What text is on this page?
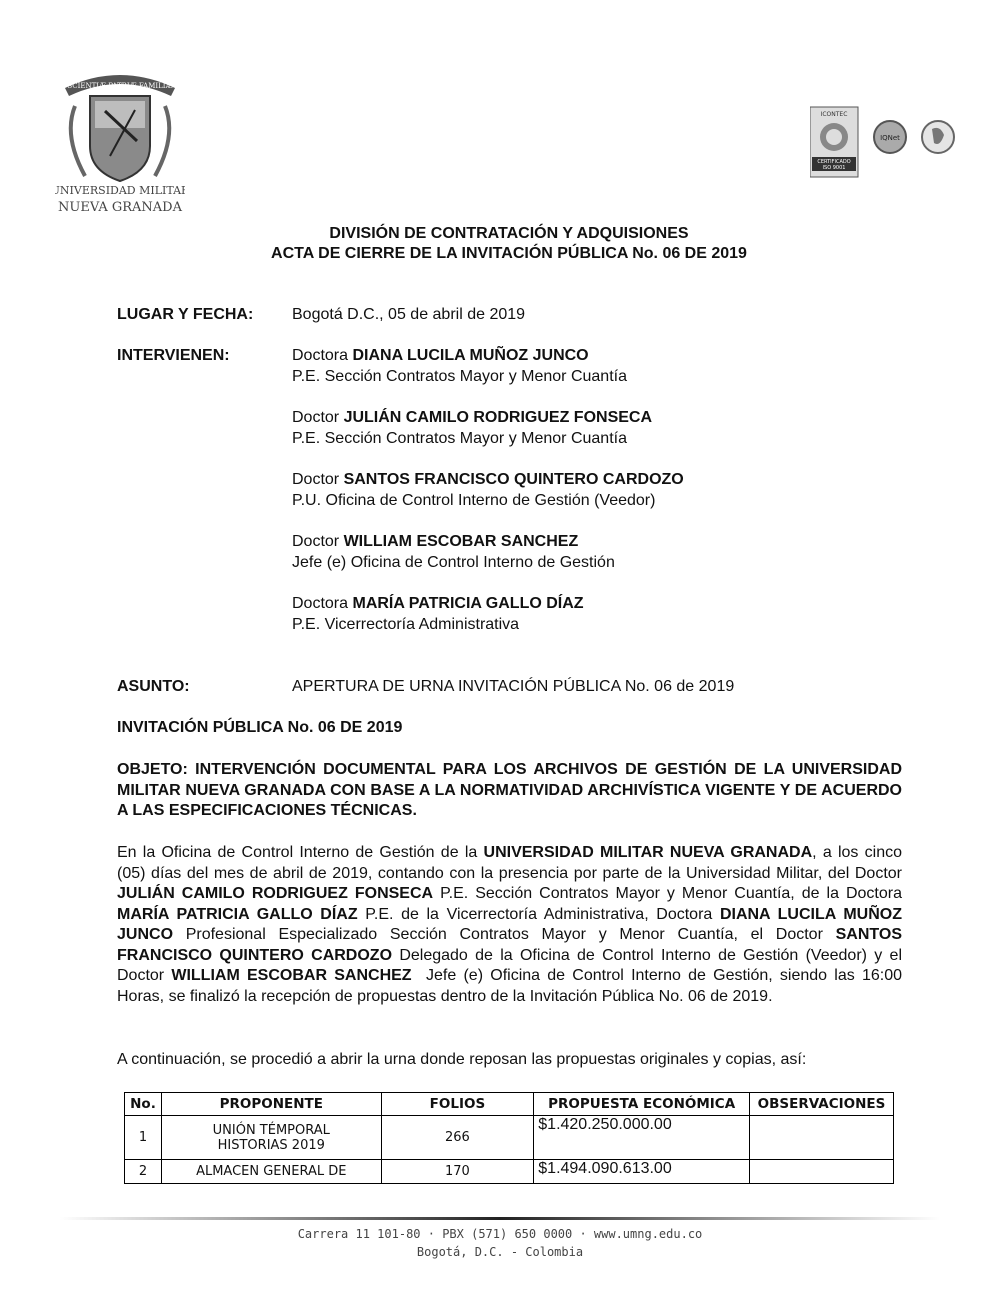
SCIENTIÆ PATRIÆ FAMILIÆ
UNIVERSIDAD MILITAR
NUEVA GRANADA
ICONTEC
CERTIFICADO
ISO 9001
IQNet
DIVISIÓN DE CONTRATACIÓN Y ADQUISIONES
ACTA DE CIERRE DE LA INVITACIÓN PÚBLICA No. 06 DE 2019
LUGAR Y FECHA: Bogotá D.C., 05 de abril de 2019
INTERVIENEN:	Doctora DIANA LUCILA MUÑOZ JUNCO
P.E. Sección Contratos Mayor y Menor Cuantía
Doctor JULIÁN CAMILO RODRIGUEZ FONSECA
P.E. Sección Contratos Mayor y Menor Cuantía
Doctor SANTOS FRANCISCO QUINTERO CARDOZO
P.U. Oficina de Control Interno de Gestión (Veedor)
Doctor WILLIAM ESCOBAR SANCHEZ
Jefe (e) Oficina de Control Interno de Gestión
Doctora MARÍA PATRICIA GALLO DÍAZ
P.E. Vicerrectoría Administrativa
ASUNTO:	APERTURA DE URNA INVITACIÓN PÚBLICA No. 06 de 2019
INVITACIÓN PÚBLICA No. 06 DE 2019
OBJETO: INTERVENCIÓN DOCUMENTAL PARA LOS ARCHIVOS DE GESTIÓN DE LA UNIVERSIDAD MILITAR NUEVA GRANADA CON BASE A LA NORMATIVIDAD ARCHIVÍSTICA VIGENTE Y DE ACUERDO A LAS ESPECIFICACIONES TÉCNICAS.
En la Oficina de Control Interno de Gestión de la UNIVERSIDAD MILITAR NUEVA GRANADA, a los cinco (05) días del mes de abril de 2019, contando con la presencia por parte de la Universidad Militar, del Doctor JULIÁN CAMILO RODRIGUEZ FONSECA P.E. Sección Contratos Mayor y Menor Cuantía, de la Doctora MARÍA PATRICIA GALLO DÍAZ P.E. de la Vicerrectoría Administrativa, Doctora DIANA LUCILA MUÑOZ JUNCO Profesional Especializado Sección Contratos Mayor y Menor Cuantía, el Doctor SANTOS FRANCISCO QUINTERO CARDOZO Delegado de la Oficina de Control Interno de Gestión (Veedor) y el Doctor WILLIAM ESCOBAR SANCHEZ  Jefe (e) Oficina de Control Interno de Gestión, siendo las 16:00 Horas, se finalizó la recepción de propuestas dentro de la Invitación Pública No. 06 de 2019.
A continuación, se procedió a abrir la urna donde reposan las propuestas originales y copias, así:
No.	PROPONENTE	FOLIOS	PROPUESTA ECONÓMICA	OBSERVACIONES
1	UNIÓN TÉMPORAL
HISTORIAS 2019	266	$1.420.250.000.00	
2	ALMACEN GENERAL DE	170	$1.494.090.613.00	
Carrera 11 101-80 · PBX (571) 650 0000 · www.umng.edu.co
Bogotá, D.C. - Colombia
